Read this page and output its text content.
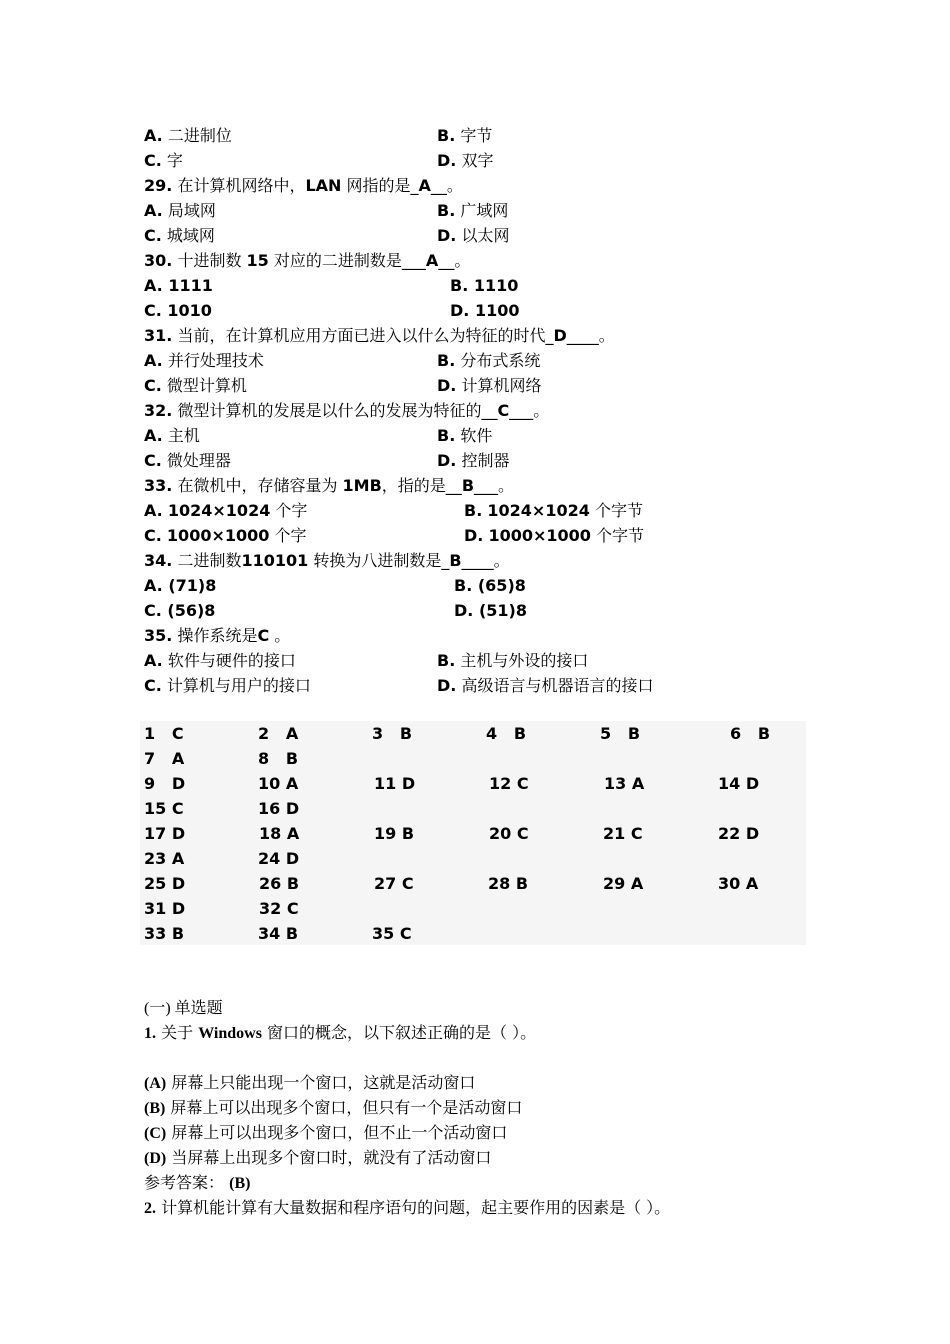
A. 二进制位	B. 字节
C. 字	D. 双字
29. 在计算机网络中，LAN 网指的是_A__。
A. 局域网	B. 广域网
C. 城域网	D. 以太网
30. 十进制数 15 对应的二进制数是___A__。
A. 1111	B. 1110
C. 1010	D. 1100
31. 当前，在计算机应用方面已进入以什么为特征的时代_D____。
A. 并行处理技术	B. 分布式系统
C. 微型计算机	D. 计算机网络
32. 微型计算机的发展是以什么的发展为特征的__C___。
A. 主机	B. 软件
C. 微处理器	D. 控制器
33. 在微机中，存储容量为 1MB，指的是__B___。
A. 1024×1024 个字	B. 1024×1024 个字节
C. 1000×1000 个字	D. 1000×1000 个字节
34. 二进制数110101 转换为八进制数是_B____。
A. (71)8	B. (65)8
C. (56)8	D. (51)8
35. 操作系统是C 。
A. 软件与硬件的接口	B. 主机与外设的接口
C. 计算机与用户的接口	D. 高级语言与机器语言的接口
1   C	2   A	3   B	4   B	5   B	6   B
7   A	8   B
9   D	10 A	11 D	12 C	13 A	14 D
15 C	16 D
17 D	18 A	19 B	20 C	21 C	22 D
23 A	24 D
25 D	26 B	27 C	28 B	29 A	30 A
31 D	32 C
33 B	34 B	35 C
(一) 单选题
1. 关于 Windows 窗口的概念，以下叙述正确的是（ ）。
(A) 屏幕上只能出现一个窗口，这就是活动窗口
(B) 屏幕上可以出现多个窗口，但只有一个是活动窗口
(C) 屏幕上可以出现多个窗口，但不止一个活动窗口
(D) 当屏幕上出现多个窗口时，就没有了活动窗口
参考答案： (B)
2. 计算机能计算有大量数据和程序语句的问题，起主要作用的因素是（ ）。
